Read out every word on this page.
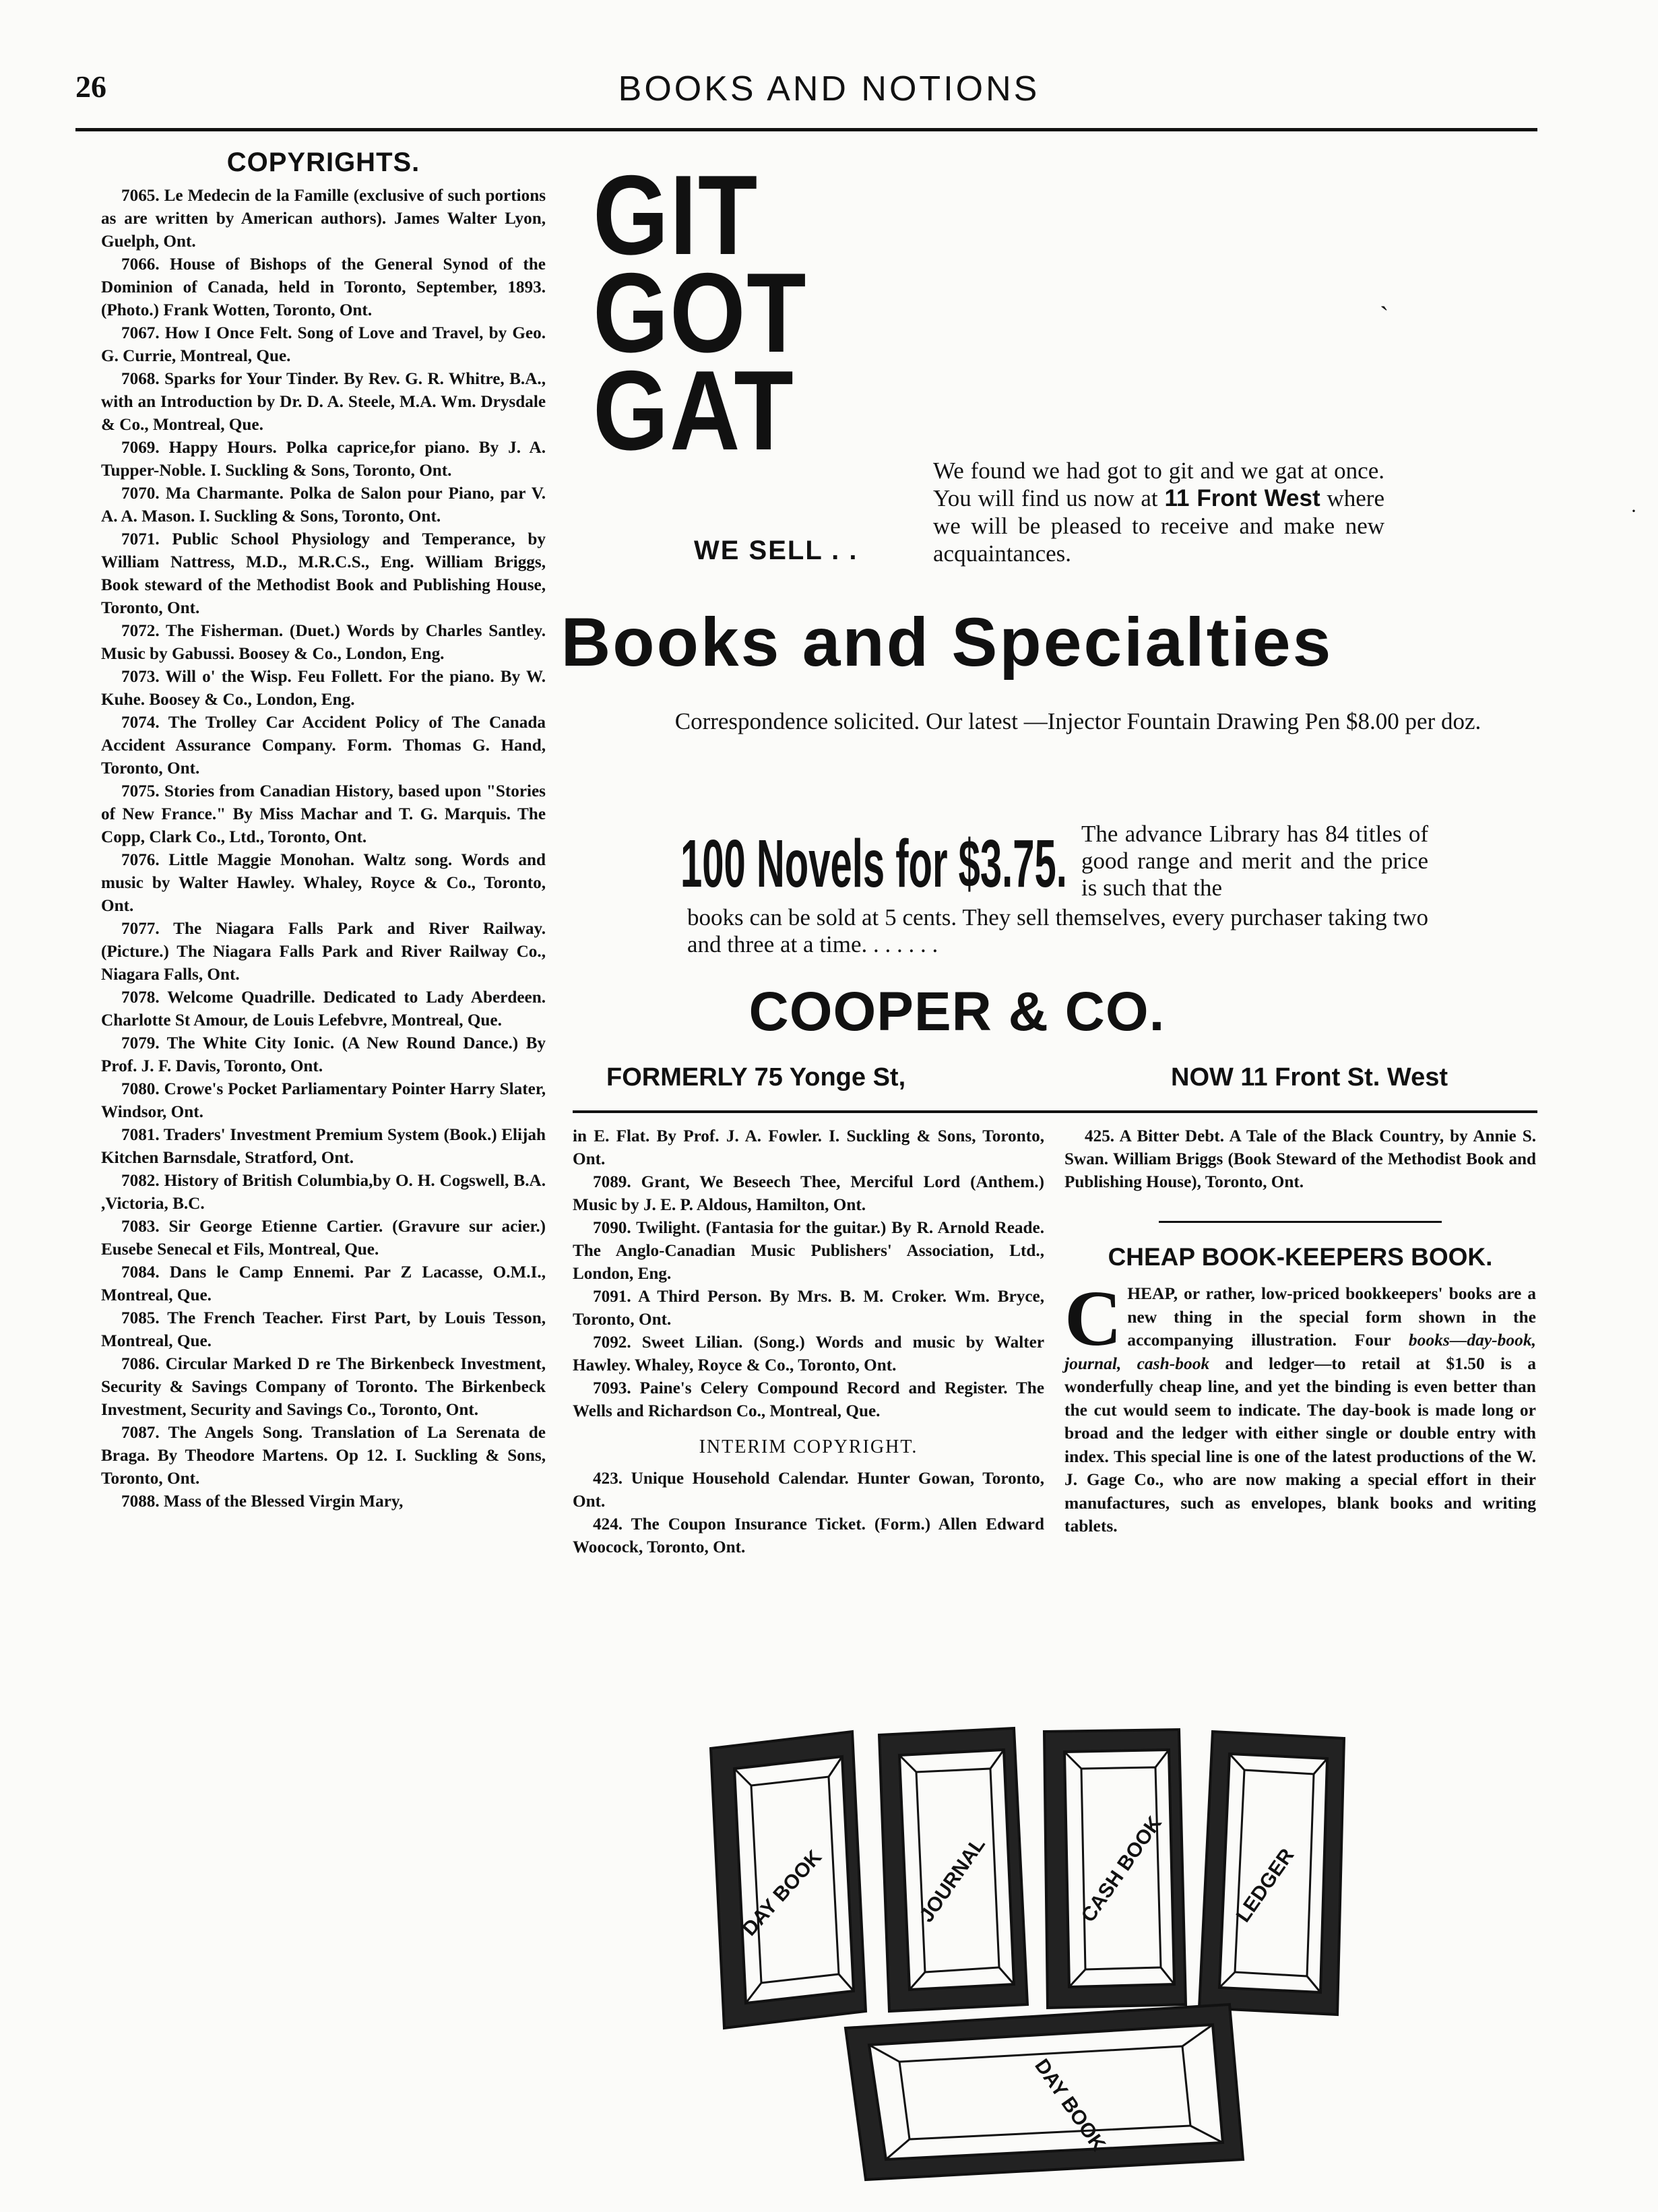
26	BOOKS AND NOTIONS
COPYRIGHTS.

7065. Le Medecin de la Famille (exclusive of such portions as are written by American authors). James Walter Lyon, Guelph, Ont.

7066. House of Bishops of the General Synod of the Dominion of Canada, held in Toronto, September, 1893. (Photo.) Frank Wotten, Toronto, Ont.

7067. How I Once Felt. Song of Love and Travel, by Geo. G. Currie, Montreal, Que.

7068. Sparks for Your Tinder. By Rev. G. R. Whitre, B.A., with an Introduction by Dr. D. A. Steele, M.A. Wm. Drysdale & Co., Montreal, Que.

7069. Happy Hours. Polka caprice,for piano. By J. A. Tupper-Noble. I. Suckling & Sons, Toronto, Ont.

7070. Ma Charmante. Polka de Salon pour Piano, par V. A. A. Mason. I. Suckling & Sons, Toronto, Ont.

7071. Public School Physiology and Temperance, by William Nattress, M.D., M.R.C.S., Eng. William Briggs, Book steward of the Methodist Book and Publishing House, Toronto, Ont.

7072. The Fisherman. (Duet.) Words by Charles Santley. Music by Gabussi. Boosey & Co., London, Eng.

7073. Will o' the Wisp. Feu Follett. For the piano. By W. Kuhe. Boosey & Co., London, Eng.

7074. The Trolley Car Accident Policy of The Canada Accident Assurance Company. Form. Thomas G. Hand, Toronto, Ont.

7075. Stories from Canadian History, based upon "Stories of New France." By Miss Machar and T. G. Marquis. The Copp, Clark Co., Ltd., Toronto, Ont.

7076. Little Maggie Monohan. Waltz song. Words and music by Walter Hawley. Whaley, Royce & Co., Toronto, Ont.

7077. The Niagara Falls Park and River Railway. (Picture.) The Niagara Falls Park and River Railway Co., Niagara Falls, Ont.

7078. Welcome Quadrille. Dedicated to Lady Aberdeen. Charlotte St Amour, de Louis Lefebvre, Montreal, Que.

7079. The White City Ionic. (A New Round Dance.) By Prof. J. F. Davis, Toronto, Ont.

7080. Crowe's Pocket Parliamentary Pointer Harry Slater, Windsor, Ont.

7081. Traders' Investment Premium System (Book.) Elijah Kitchen Barnsdale, Stratford, Ont.

7082. History of British Columbia,by O. H. Cogswell, B.A. ,Victoria, B.C.

7083. Sir George Etienne Cartier. (Gravure sur acier.) Eusebe Senecal et Fils, Montreal, Que.

7084. Dans le Camp Ennemi. Par Z Lacasse, O.M.I., Montreal, Que.

7085. The French Teacher. First Part, by Louis Tesson, Montreal, Que.

7086. Circular Marked D re The Birkenbeck Investment, Security & Savings Company of Toronto. The Birkenbeck Investment, Security and Savings Co., Toronto, Ont.

7087. The Angels Song. Translation of La Serenata de Braga. By Theodore Martens. Op 12. I. Suckling & Sons, Toronto, Ont.

7088. Mass of the Blessed Virgin Mary,

GIT
GOT
GAT
ˏ
·
We found we had got to git and we gat at once. You will find us now at 11 Front West where we will be pleased to receive and make new acquaintances.
WE SELL . .
Books and Specialties
Correspondence solicited. Our latest —Injector Fountain Drawing Pen $8.00 per doz.
100 Novels for $3.75. The advance Library has 84 titles of good range and merit and the price is such that the
books can be sold at 5 cents. They sell themselves, every purchaser taking two and three at a time. . . . . . .
COOPER & CO.
FORMERLY 75 Yonge St,	NOW 11 Front St. West

in E. Flat. By Prof. J. A. Fowler. I. Suckling & Sons, Toronto, Ont.

7089. Grant, We Beseech Thee, Merciful Lord (Anthem.) Music by J. E. P. Aldous, Hamilton, Ont.

7090. Twilight. (Fantasia for the guitar.) By R. Arnold Reade. The Anglo-Canadian Music Publishers' Association, Ltd., London, Eng.

7091. A Third Person. By Mrs. B. M. Croker. Wm. Bryce, Toronto, Ont.

7092. Sweet Lilian. (Song.) Words and music by Walter Hawley. Whaley, Royce & Co., Toronto, Ont.

7093. Paine's Celery Compound Record and Register. The Wells and Richardson Co., Montreal, Que.

INTERIM COPYRIGHT.

423. Unique Household Calendar. Hunter Gowan, Toronto, Ont.

424. The Coupon Insurance Ticket. (Form.) Allen Edward Woocock, Toronto, Ont.

425. A Bitter Debt. A Tale of the Black Country, by Annie S. Swan. William Briggs (Book Steward of the Methodist Book and Publishing House), Toronto, Ont.

CHEAP BOOK-KEEPERS BOOK.

CHEAP, or rather, low-priced bookkeepers' books are a new thing in the special form shown in the accompanying illustration. Four books—day-book, journal, cash-book and ledger—to retail at $1.50 is a wonderfully cheap line, and yet the binding is even better than the cut would seem to indicate. The day-book is made long or broad and the ledger with either single or double entry with index. This special line is one of the latest productions of the W. J. Gage Co., who are now making a special effort in their manufactures, such as envelopes, blank books and writing tablets.

DAY BOOK	JOURNAL	CASH BOOK	LEDGER
DAY BOOK
